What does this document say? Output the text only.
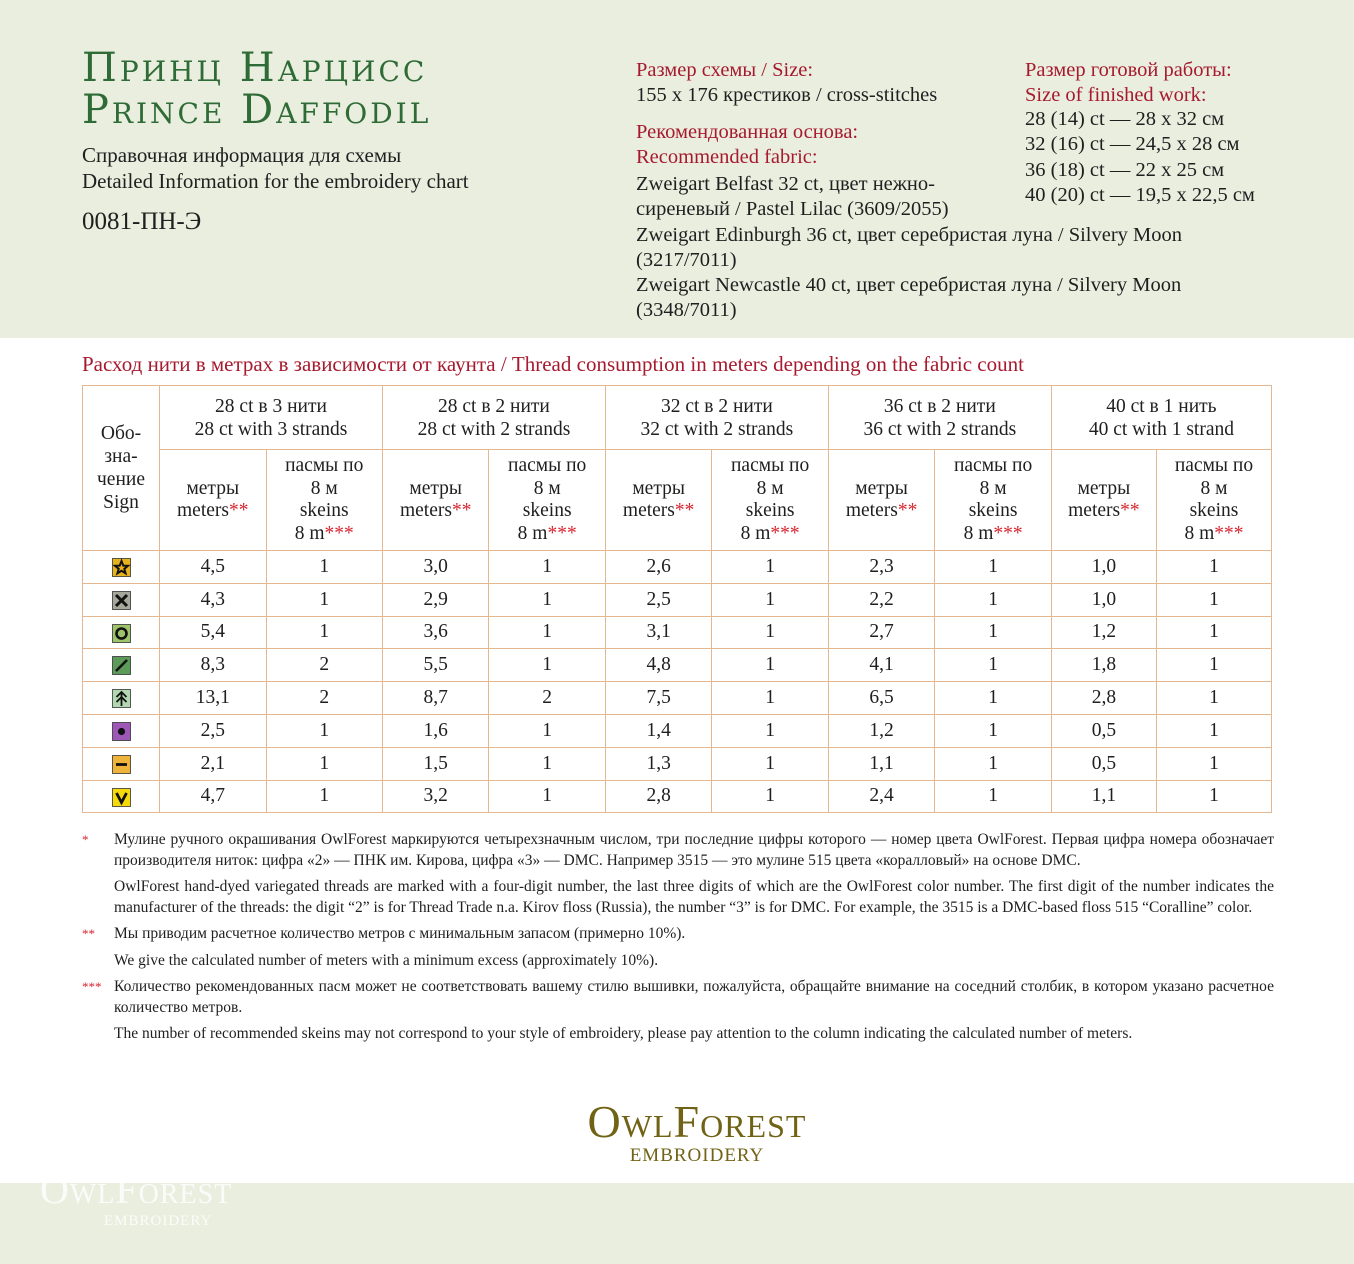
Принц Нарцисс
Prince Daffodil
Справочная информация для схемы
Detailed Information for the embroidery chart
0081-ПН-Э
Размер схемы / Size:
155 х 176 крестиков / cross-stitches
Рекомендованная основа:
Recommended fabric:
Zweigart Belfast 32 ct, цвет нежно-
сиреневый / Pastel Lilac (3609/2055)
Zweigart Edinburgh 36 ct, цвет серебристая луна / Silvery Moon
(3217/7011)
Zweigart Newcastle 40 ct, цвет серебристая луна / Silvery Moon
(3348/7011)
Размер готовой работы:
Size of finished work:
28 (14) ct — 28 х 32 см
32 (16) ct — 24,5 х 28 см
36 (18) ct — 22 х 25 см
40 (20) ct — 19,5 х 22,5 см
Расход нити в метрах в зависимости от каунта / Thread consumption in meters depending on the fabric count
Обо-
зна-
чение
Sign	28 ct в 3 нити
28 ct with 3 strands		28 ct в 2 нити
28 ct with 2 strands		32 ct в 2 нити
32 ct with 2 strands		36 ct в 2 нити
36 ct with 2 strands		40 ct в 1 нить
40 ct with 1 strand	
	метры
meters**	пасмы по
8 м
skeins
8 m***	метры
meters**	пасмы по
8 м
skeins
8 m***	метры
meters**	пасмы по
8 м
skeins
8 m***	метры
meters**	пасмы по
8 м
skeins
8 m***	метры
meters**	пасмы по
8 м
skeins
8 m***
	4,5	1	3,0	1	2,6	1	2,3	1	1,0	1
	4,3	1	2,9	1	2,5	1	2,2	1	1,0	1
	5,4	1	3,6	1	3,1	1	2,7	1	1,2	1
	8,3	2	5,5	1	4,8	1	4,1	1	1,8	1
	13,1	2	8,7	2	7,5	1	6,5	1	2,8	1
	2,5	1	1,6	1	1,4	1	1,2	1	0,5	1
	2,1	1	1,5	1	1,3	1	1,1	1	0,5	1
	4,7	1	3,2	1	2,8	1	2,4	1	1,1	1
* Мулине ручного окрашивания OwlForest маркируются четырехзначным числом, три последние цифры которого — номер цвета OwlForest. Первая цифра номера обозначает производителя ниток: цифра «2» — ПНК им. Кирова, цифра «3» — DMC. Например 3515 — это мулине 515 цвета «коралловый» на основе DMC.

OwlForest hand-dyed variegated threads are marked with a four-digit number, the last three digits of which are the OwlForest color number. The first digit of the number indicates the manufacturer of the threads: the digit “2” is for Thread Trade n.a. Kirov floss (Russia), the number “3” is for DMC. For example, the 3515 is a DMC-based floss 515 “Coralline” color.

** Мы приводим расчетное количество метров с минимальным запасом (примерно 10%).

We give the calculated number of meters with a minimum excess (approximately 10%).

*** Количество рекомендованных пасм может не соответствовать вашему стилю вышивки, пожалуйста, обращайте внимание на соседний столбик, в котором указано расчетное количество метров.

The number of recommended skeins may not correspond to your style of embroidery, please pay attention to the column indicating the calculated number of meters.

OwlForest
EMBROIDERY
OwlForest
EMBROIDERY
